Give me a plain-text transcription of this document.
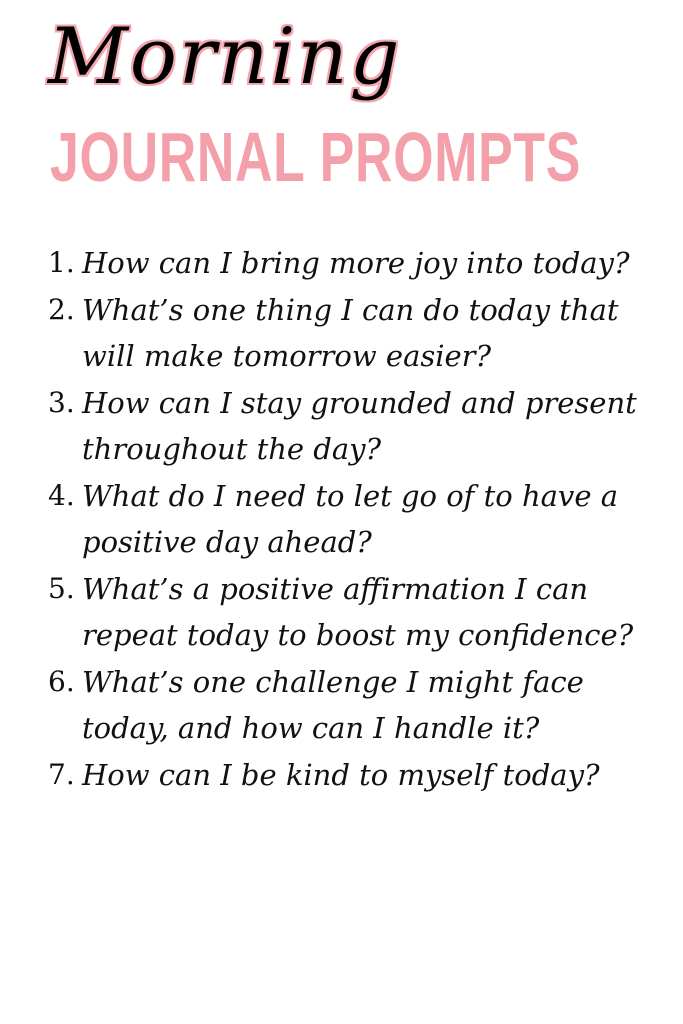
Morning
JOURNAL PROMPTS
1. How can I bring more joy into today?
2. What’s one thing I can do today that will make tomorrow easier?
3. How can I stay grounded and present throughout the day?
4. What do I need to let go of to have a positive day ahead?
5. What’s a positive affirmation I can repeat today to boost my confidence?
6. What’s one challenge I might face today, and how can I handle it?
7. How can I be kind to myself today?
